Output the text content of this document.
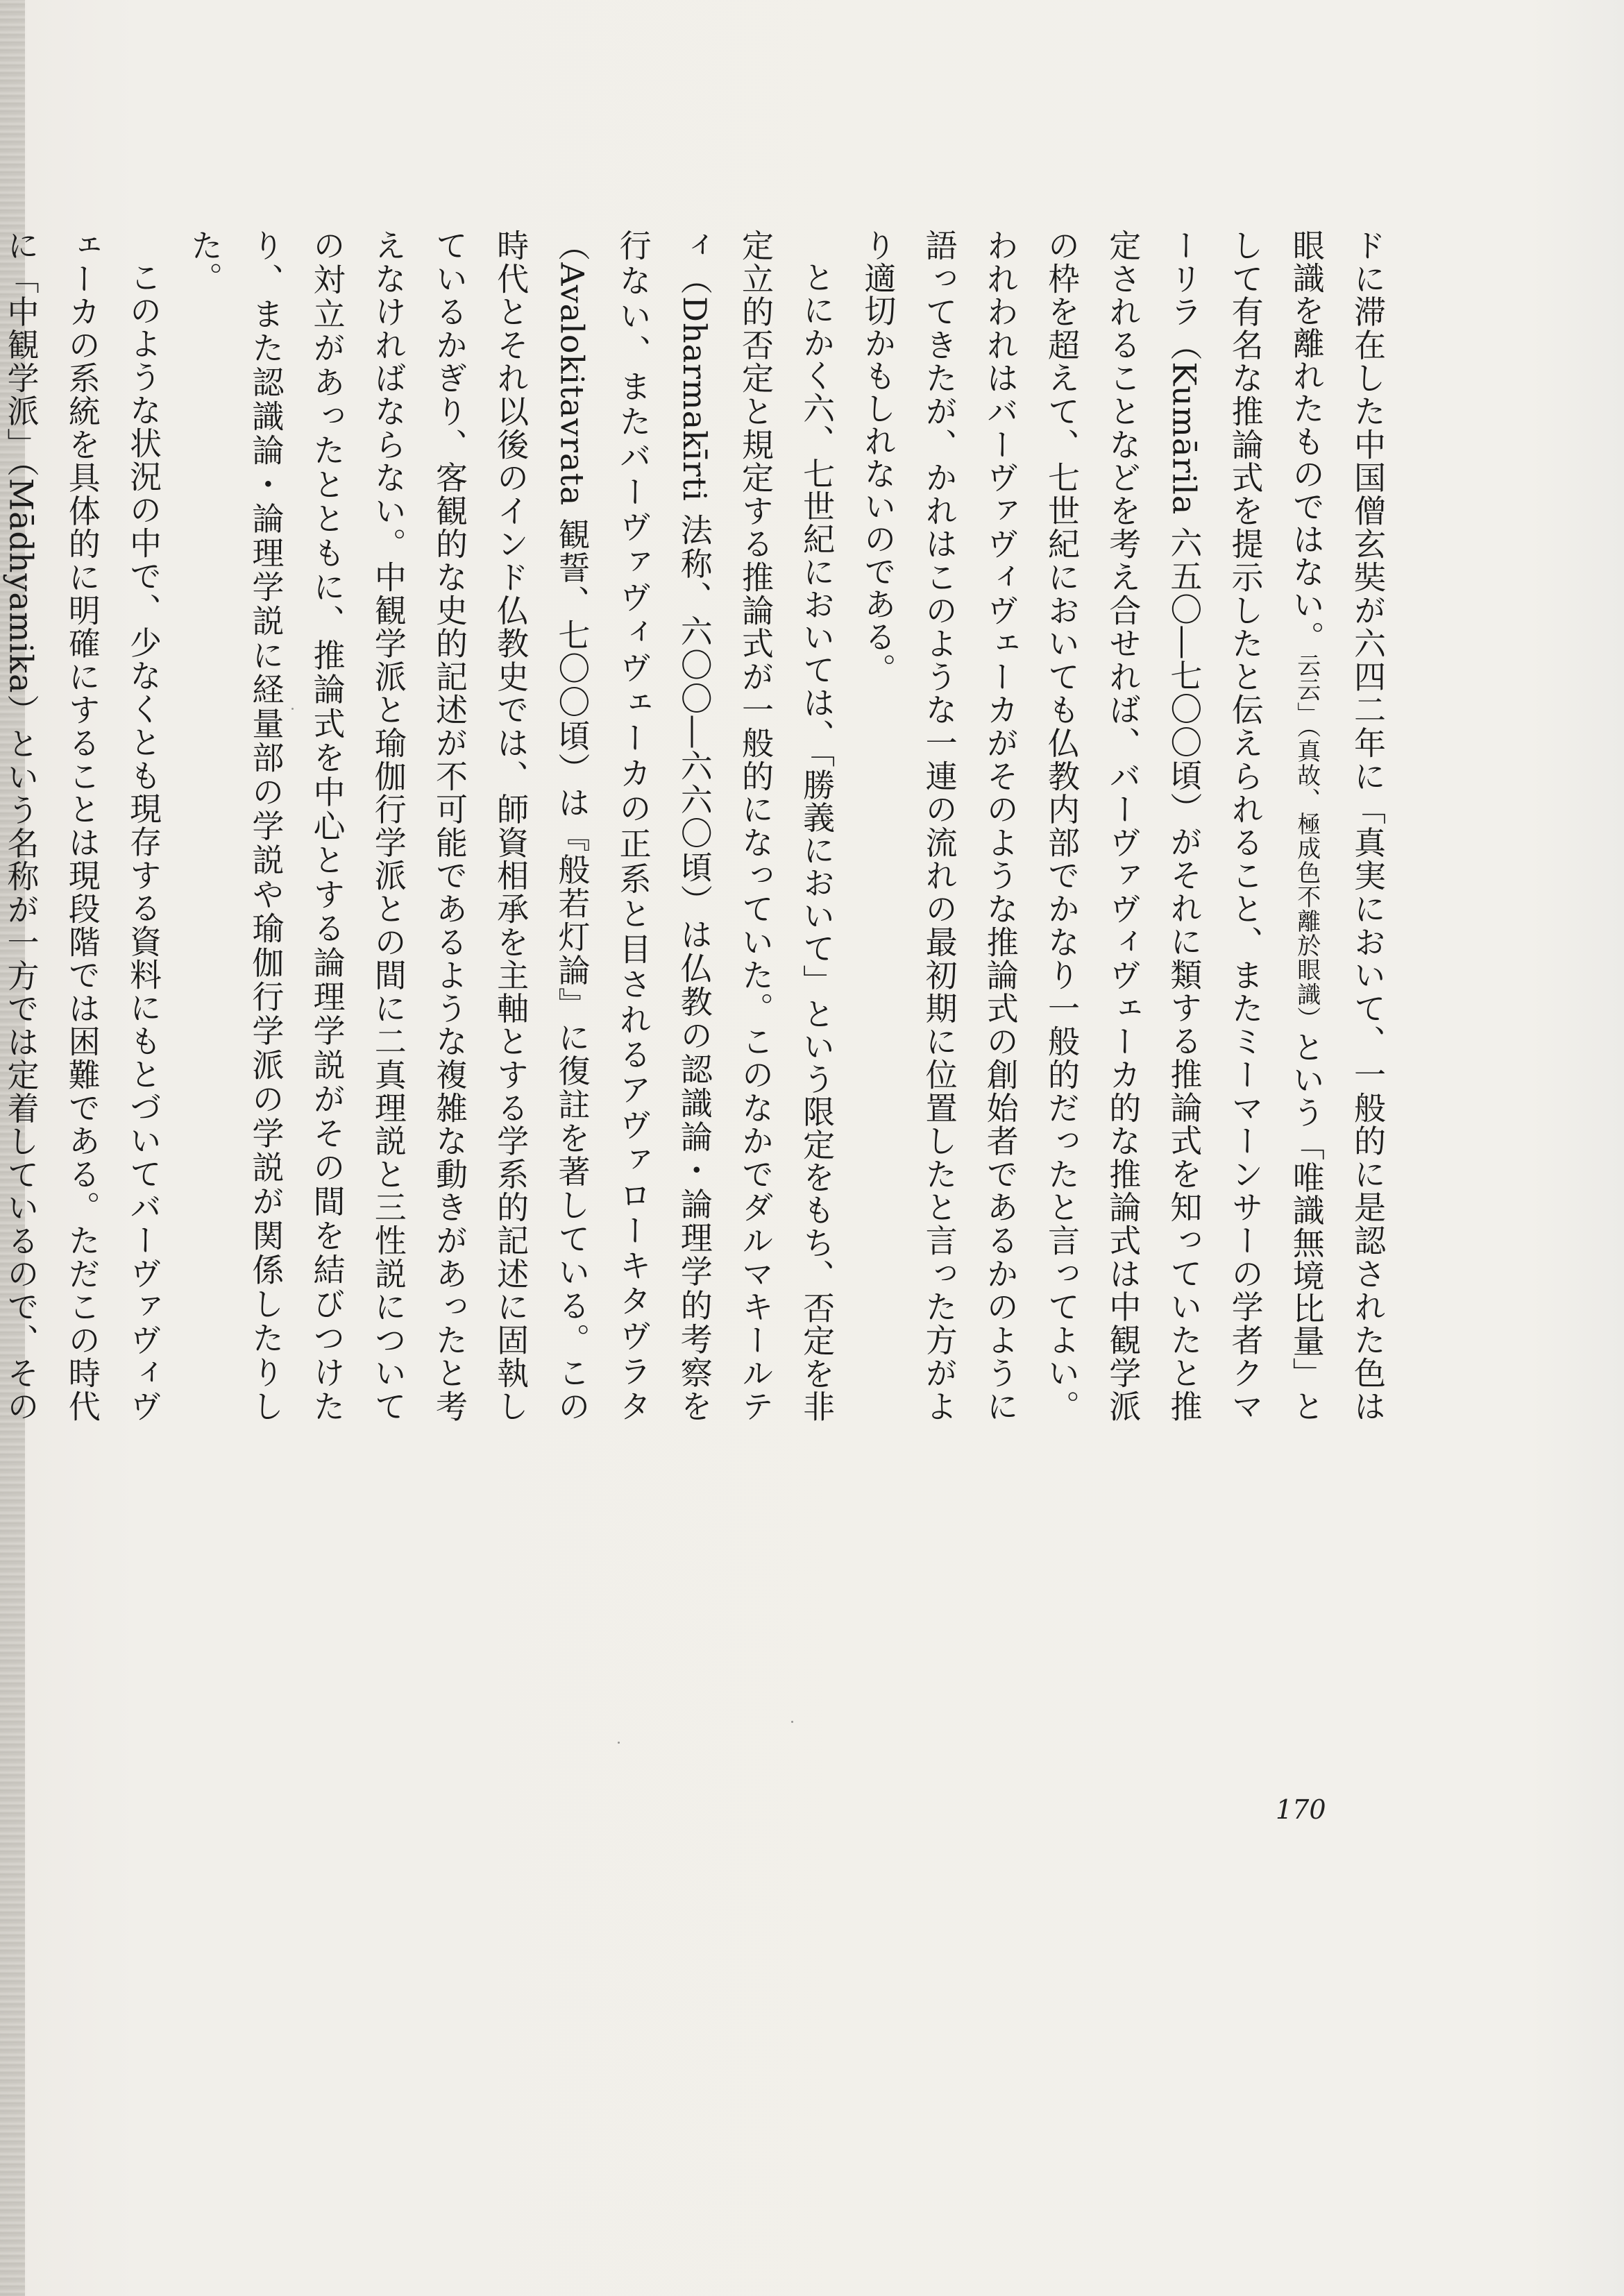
ドに滞在した中国僧玄奘が六四二年に「真実において、一般的に是認された色は眼識を離れたものではない。云云」（真故、極成色不離於眼識）という「唯識無境比量」として有名な推論式を提示したと伝えられること、またミーマーンサーの学者クマーリラ（Kumārila 六五〇―七〇〇頃）がそれに類する推論式を知っていたと推定されることなどを考え合せれば、バーヴァヴィヴェーカ的な推論式は中観学派の枠を超えて、七世紀においても仏教内部でかなり一般的だったと言ってよい。われわれはバーヴァヴィヴェーカがそのような推論式の創始者であるかのように語ってきたが、かれはこのような一連の流れの最初期に位置したと言った方がより適切かもしれないのである。

とにかく六、七世紀においては、「勝義において」という限定をもち、否定を非定立的否定と規定する推論式が一般的になっていた。このなかでダルマキールティ（Dharmakīrti 法称、六〇〇―六六〇頃）は仏教の認識論・論理学的考察を行ない、またバーヴァヴィヴェーカの正系と目されるアヴァローキタヴラタ（Avalokitavrata 観誓、七〇〇頃）は『般若灯論』に復註を著している。この時代とそれ以後のインド仏教史では、師資相承を主軸とする学系的記述に固執しているかぎり、客観的な史的記述が不可能であるような複雑な動きがあったと考えなければならない。中観学派と瑜伽行学派との間に二真理説と三性説についての対立があったとともに、推論式を中心とする論理学説がその間を結びつけたり、また認識論・論理学説に経量部の学説や瑜伽行学派の学説が関係したりした。

このような状況の中で、少なくとも現存する資料にもとづいてバーヴァヴィヴェーカの系統を具体的に明確にすることは現段階では困難である。ただこの時代に「中観学派」（Mādhyamika）という名称が一方では定着しているので、その

170
